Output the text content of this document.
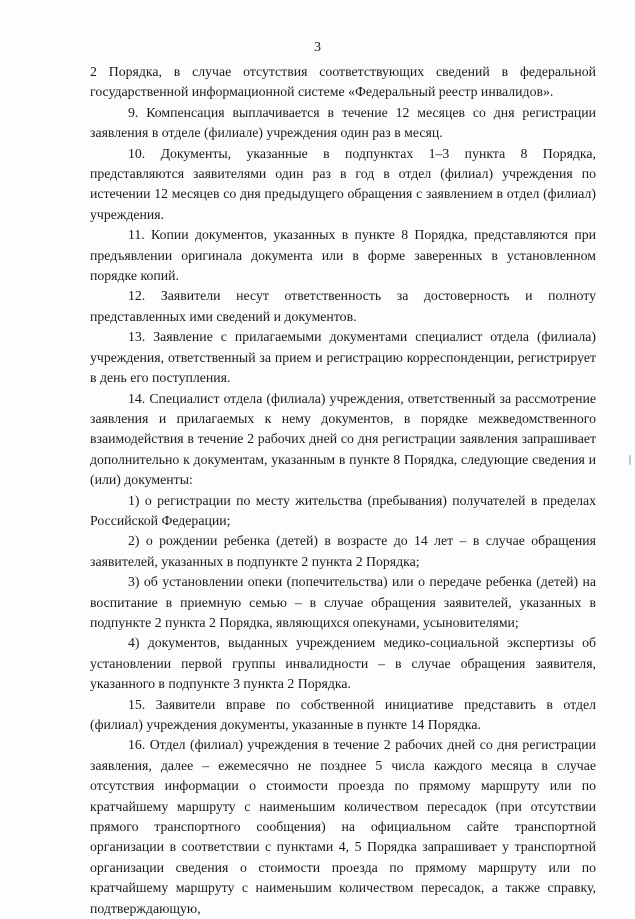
3

2 Порядка, в случае отсутствия соответствующих сведений в федеральной государственной информационной системе «Федеральный реестр инвалидов».

9. Компенсация выплачивается в течение 12 месяцев со дня регистрации заявления в отделе (филиале) учреждения один раз в месяц.

10. Документы, указанные в подпунктах 1–3 пункта 8 Порядка, представляются заявителями один раз в год в отдел (филиал) учреждения по истечении 12 месяцев со дня предыдущего обращения с заявлением в отдел (филиал) учреждения.

11. Копии документов, указанных в пункте 8 Порядка, представляются при предъявлении оригинала документа или в форме заверенных в установленном порядке копий.

12. Заявители несут ответственность за достоверность и полноту представленных ими сведений и документов.

13. Заявление с прилагаемыми документами специалист отдела (филиала) учреждения, ответственный за прием и регистрацию корреспонденции, регистрирует в день его поступления.

14. Специалист отдела (филиала) учреждения, ответственный за рассмотрение заявления и прилагаемых к нему документов, в порядке межведомственного взаимодействия в течение 2 рабочих дней со дня регистрации заявления запрашивает дополнительно к документам, указанным в пункте 8 Порядка, следующие сведения и (или) документы:

1) о регистрации по месту жительства (пребывания) получателей в пределах Российской Федерации;

2) о рождении ребенка (детей) в возрасте до 14 лет – в случае обращения заявителей, указанных в подпункте 2 пункта 2 Порядка;

3) об установлении опеки (попечительства) или о передаче ребенка (детей) на воспитание в приемную семью – в случае обращения заявителей, указанных в подпункте 2 пункта 2 Порядка, являющихся опекунами, усыновителями;

4) документов, выданных учреждением медико-социальной экспертизы об установлении первой группы инвалидности – в случае обращения заявителя, указанного в подпункте 3 пункта 2 Порядка.

15. Заявители вправе по собственной инициативе представить в отдел (филиал) учреждения документы, указанные в пункте 14 Порядка.

16. Отдел (филиал) учреждения в течение 2 рабочих дней со дня регистрации заявления, далее – ежемесячно не позднее 5 числа каждого месяца в случае отсутствия информации о стоимости проезда по прямому маршруту или по кратчайшему маршруту с наименьшим количеством пересадок (при отсутствии прямого транспортного сообщения) на официальном сайте транспортной организации в соответствии с пунктами 4, 5 Порядка запрашивает у транспортной организации сведения о стоимости проезда по прямому маршруту или по кратчайшему маршруту с наименьшим количеством пересадок, а также справку, подтверждающую,
